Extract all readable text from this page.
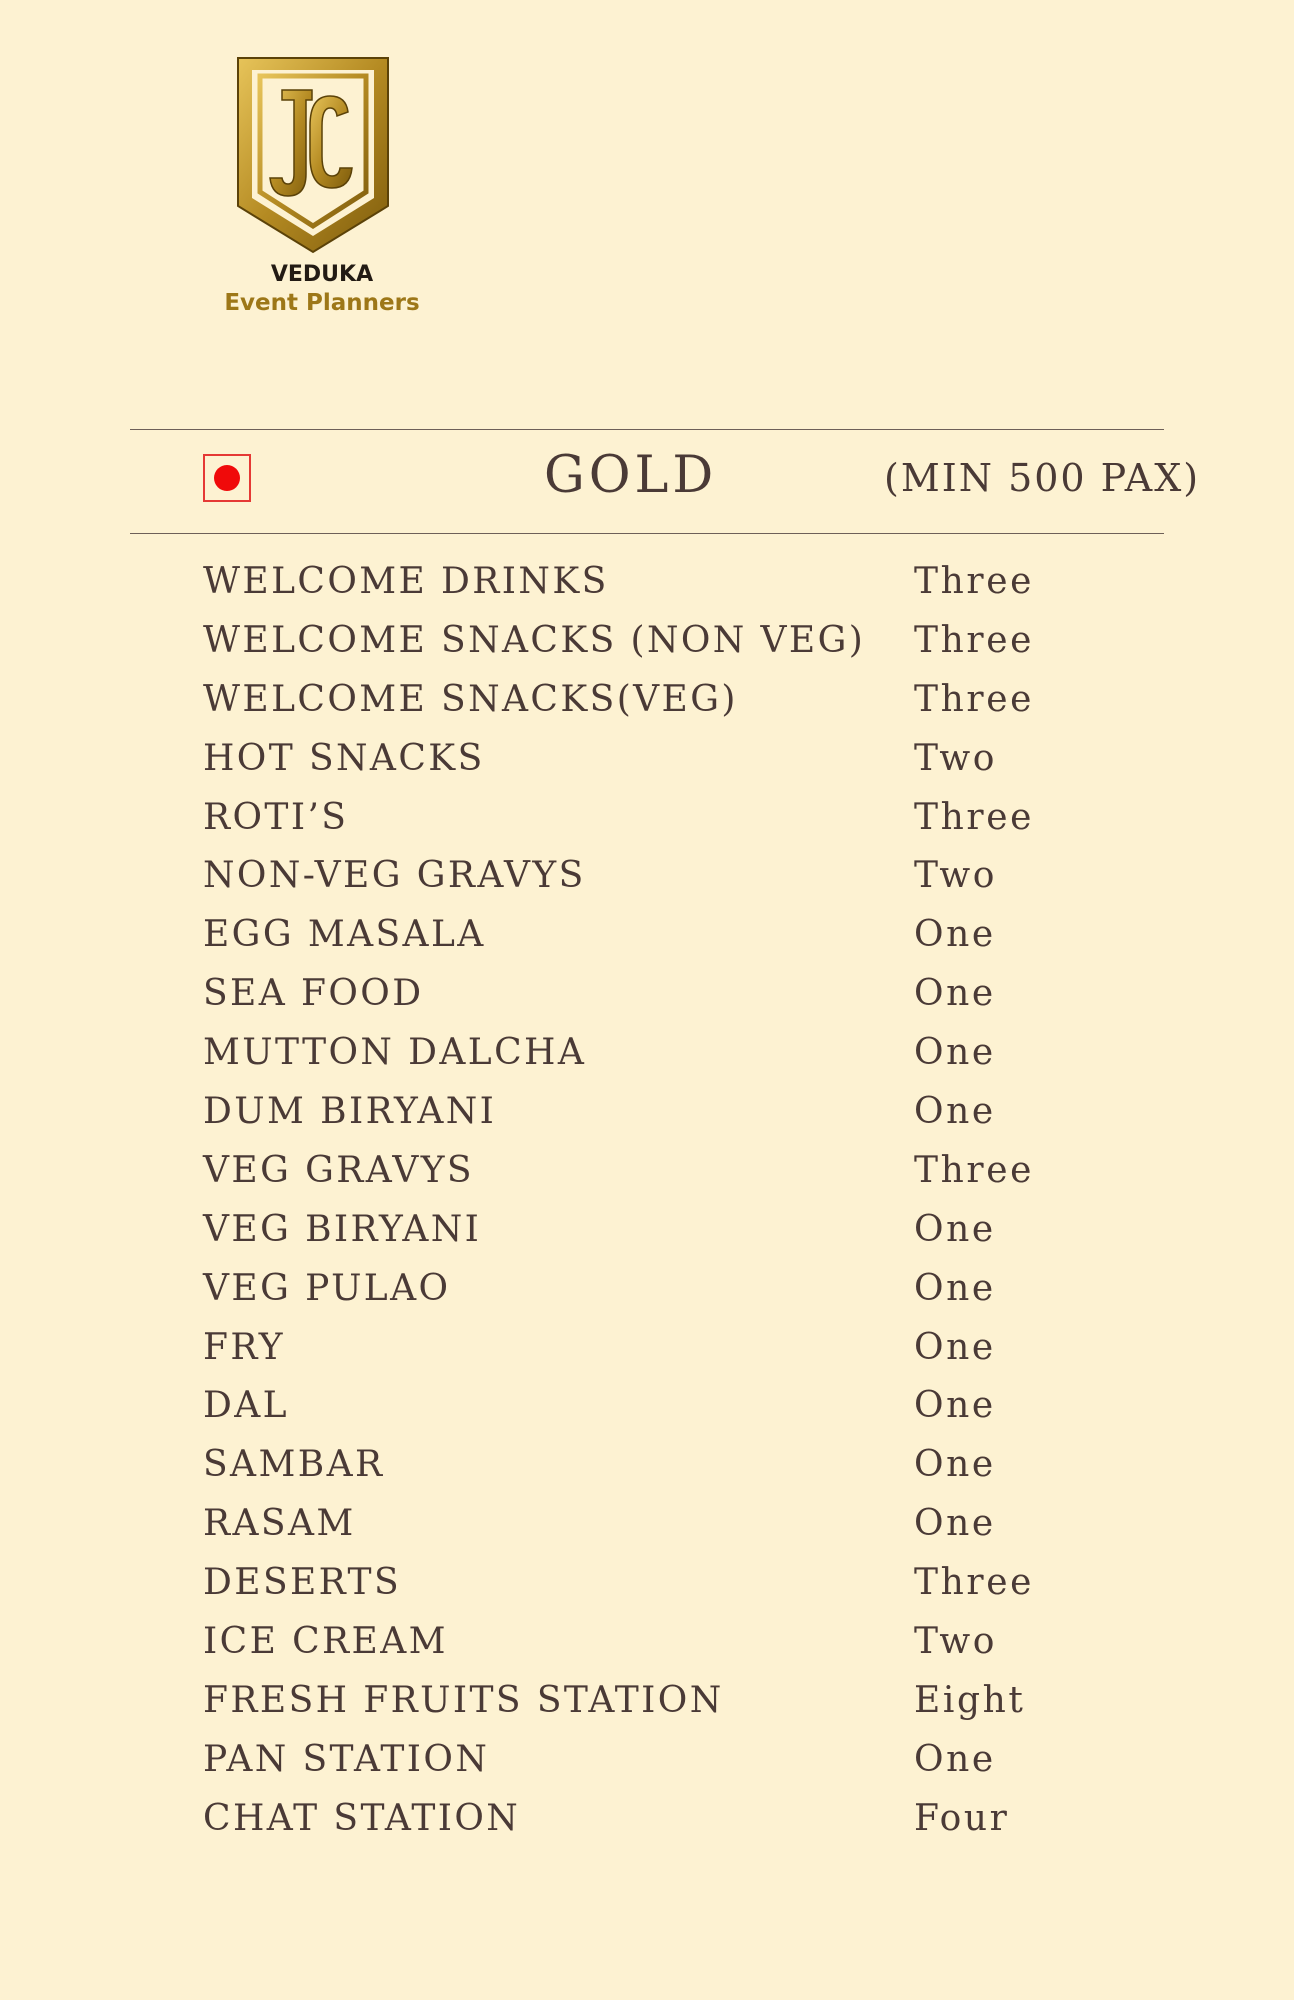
VEDUKA
Event Planners
GOLD	(MIN 500 PAX)
WELCOME DRINKS	Three
WELCOME SNACKS (NON VEG) Three
WELCOME SNACKS(VEG)	Three
HOT SNACKS	Two
ROTI’S	Three
NON-VEG GRAVYS	Two
EGG MASALA	One
SEA FOOD	One
MUTTON DALCHA	One
DUM BIRYANI	One
VEG GRAVYS	Three
VEG BIRYANI	One
VEG PULAO	One
FRY	One
DAL	One
SAMBAR	One
RASAM	One
DESERTS	Three
ICE CREAM	Two
FRESH FRUITS STATION	Eight
PAN STATION	One
CHAT STATION	Four
